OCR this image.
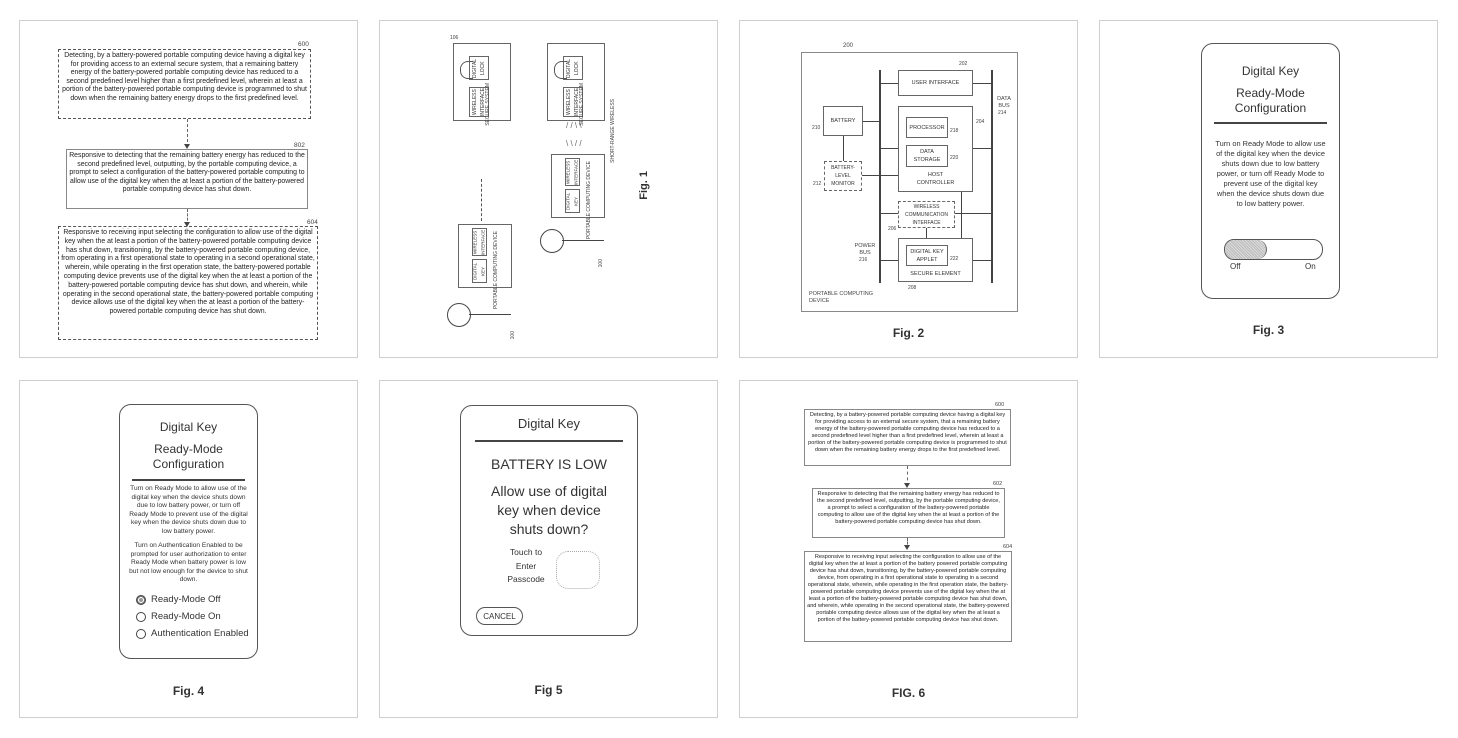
600
Detecting, by a battery-powered portable computing device having a digital key for providing access to an external secure system, that a remaining battery energy of the battery-powered portable computing device has reduced to a second predefined level higher than a first predefined level, wherein at least a portion of the battery-powered portable computing device is programmed to shut down when the remaining battery energy drops to the first predefined level.
802
Responsive to detecting that the remaining battery energy has reduced to the second predefined level, outputting, by the portable computing device, a prompt to select a configuration of the battery-powered portable computing to allow use of the digital key when the at least a portion of the battery-powered portable computing device has shut down.
604
Responsive to receiving input selecting the configuration to allow use of the digital key when the at least a portion of the battery-powered portable computing device has shut down, transitioning, by the battery-powered portable computing device, from operating in a first operational state to operating in a second operational state, wherein, while operating in the first operation state, the battery-powered portable computing device prevents use of the digital key when the at least a portion of the battery-powered portable computing device has shut down, and wherein, while operating in the second operational state, the battery-powered portable computing device allows use of the digital key when the at least a portion of the battery-powered portable computing device has shut down.
WIRELESS INTERFACE
DIGITAL LOCK
SECURE SYSTEM
106
WIRELESS INTERFACE
DIGITAL LOCK
SECURE SYSTEM	SHORT-RANGE WIRELESS
/ / \ \
\ \ / /
WIRELESS INTERFACE
DIGITAL KEY	PORTABLE COMPUTING DEVICE
100
WIRELESS INTERFACE
DIGITAL KEY	PORTABLE COMPUTING DEVICE
100
Fig. 1
200
USER INTERFACE
202
DATA BUS
214
BATTERY
210
BATTERY-LEVEL MONITOR
212
HOST CONTROLLER
204
PROCESSOR
218
DATA STORAGE	220
WIRELESS COMMUNICATION INTERFACE
206
POWER BUS
216
SECURE ELEMENT
DIGITAL KEY APPLET	222
208
PORTABLE COMPUTING DEVICE
Fig. 2
Digital Key
Ready-Mode Configuration
Turn on Ready Mode to allow use of the digital key when the device shuts down due to low battery power, or turn off Ready Mode to prevent use of the digital key when the device shuts down due to low battery power.
Off	On
Fig. 3
Digital Key
Ready-Mode Configuration
Turn on Ready Mode to allow use of the digital key when the device shuts down due to low battery power, or turn off Ready Mode to prevent use of the digital key when the device shuts down due to low battery power.
Turn on Authentication Enabled to be prompted for user authorization to enter Ready Mode when battery power is low but not low enough for the device to shut down.
Ready-Mode Off
Ready-Mode On
Authentication Enabled
Fig. 4
Digital Key
BATTERY IS LOW
Allow use of digital key when device shuts down?
Touch to Enter Passcode
CANCEL
Fig 5
600
Detecting, by a battery-powered portable computing device having a digital key for providing access to an external secure system, that a remaining battery energy of the battery-powered portable computing device has reduced to a second predefined level higher than a first predefined level, wherein at least a portion of the battery-powered portable computing device is programmed to shut down when the remaining battery energy drops to the first predefined level.
602
Responsive to detecting that the remaining battery energy has reduced to the second predefined level, outputting, by the portable computing device, a prompt to select a configuration of the battery-powered portable computing to allow use of the digital key when the at least a portion of the battery-powered portable computing device has shut down.
604
Responsive to receiving input selecting the configuration to allow use of the digital key when the at least a portion of the battery powered portable computing device has shut down, transitioning, by the battery-powered portable computing device, from operating in a first operational state to operating in a second operational state, wherein, while operating in the first operation state, the battery-powered portable computing device prevents use of the digital key when the at least a portion of the battery-powered portable computing device has shut down, and wherein, while operating in the second operational state, the battery-powered portable computing device allows use of the digital key when the at least a portion of the battery-powered portable computing device has shut down.
FIG. 6
